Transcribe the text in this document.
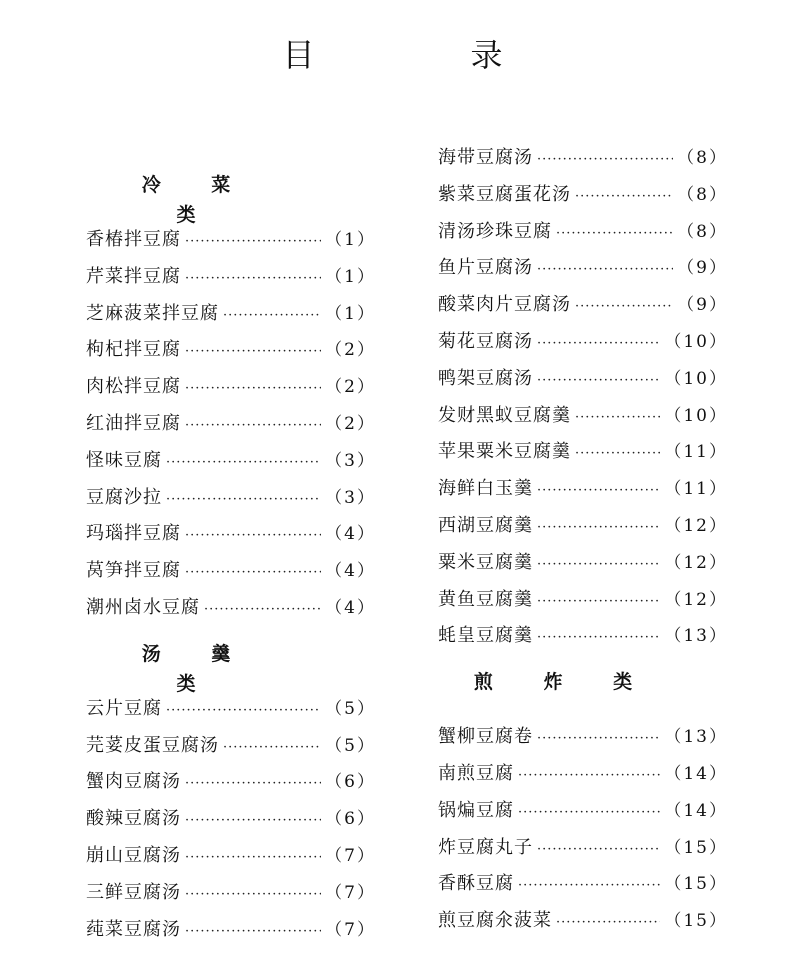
目　录
冷 菜 类
香椿拌豆腐 ·····	（1）
芹菜拌豆腐 ·····	（1）
芝麻菠菜拌豆腐 ·····	（1）
枸杞拌豆腐 ·····	（2）
肉松拌豆腐 ·····	（2）
红油拌豆腐 ·····	（2）
怪味豆腐 ·····	（3）
豆腐沙拉 ·····	（3）
玛瑙拌豆腐 ·····	（4）
莴笋拌豆腐 ·····	（4）
潮州卤水豆腐 ·····	（4）
汤 羹 类
云片豆腐 ·····	（5）
芫荽皮蛋豆腐汤 ·····	（5）
蟹肉豆腐汤 ·····	（6）
酸辣豆腐汤 ·····	（6）
崩山豆腐汤 ·····	（7）
三鲜豆腐汤 ·····	（7）
莼菜豆腐汤 ·····	（7）
海带豆腐汤 ·····	（8）
紫菜豆腐蛋花汤 ·····	（8）
清汤珍珠豆腐 ·····	（8）
鱼片豆腐汤 ·····	（9）
酸菜肉片豆腐汤 ·····	（9）
菊花豆腐汤 ·····	（10）
鸭架豆腐汤 ·····	（10）
发财黑蚁豆腐羹 ·····	（10）
苹果粟米豆腐羹 ·····	（11）
海鲜白玉羹 ·····	（11）
西湖豆腐羹 ·····	（12）
粟米豆腐羹 ·····	（12）
黄鱼豆腐羹 ·····	（12）
蚝皇豆腐羹 ·····	（13）
煎 炸 类
蟹柳豆腐卷 ·····	（13）
南煎豆腐 ·····	（14）
锅煸豆腐 ·····	（14）
炸豆腐丸子 ·····	（15）
香酥豆腐 ·····	（15）
煎豆腐氽菠菜 ·····	（15）
